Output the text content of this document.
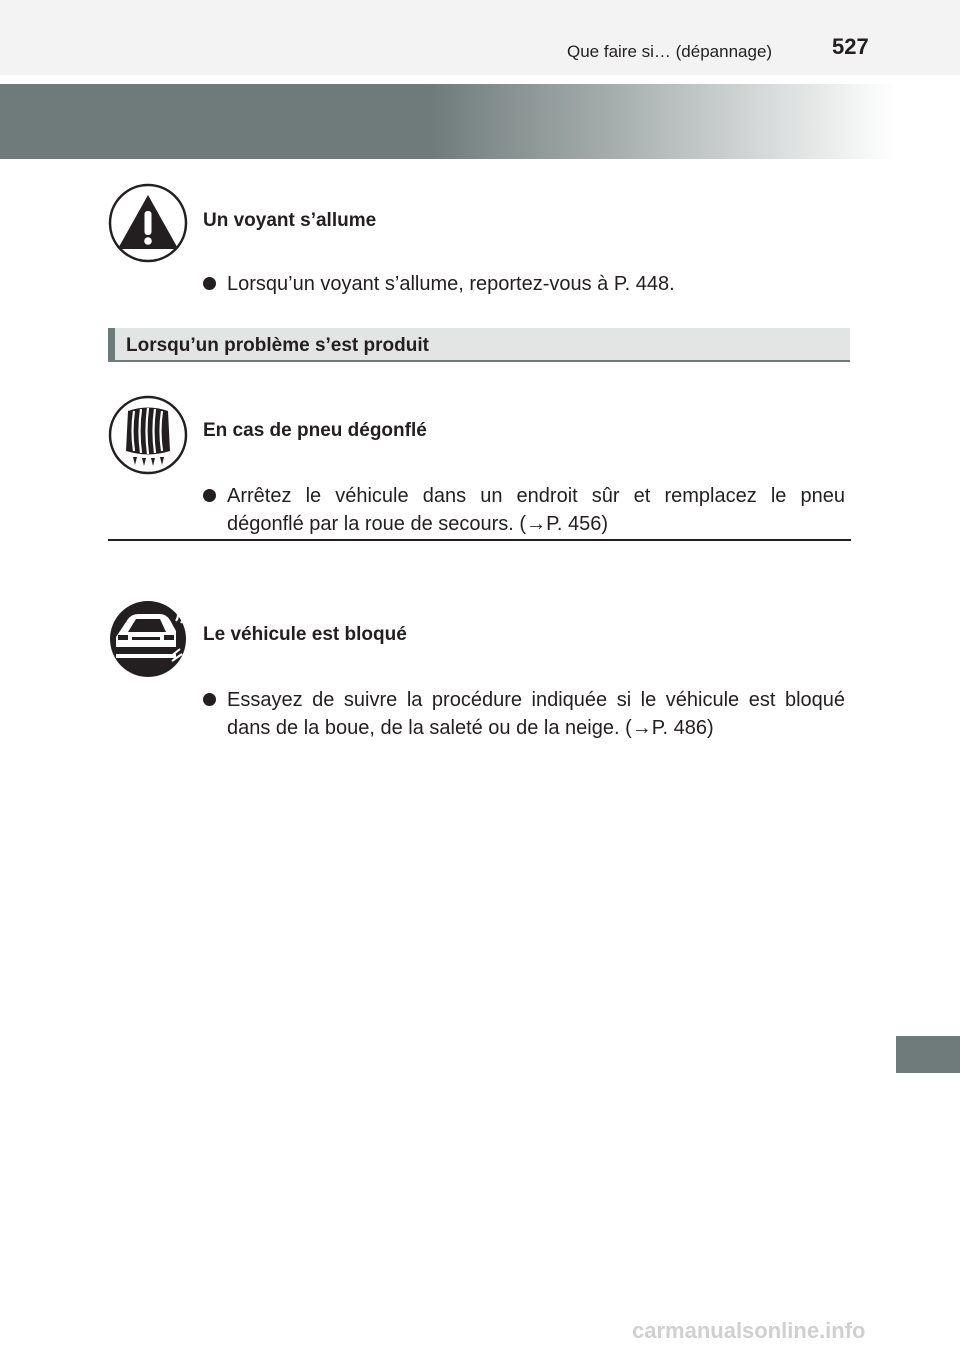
Que faire si… (dépannage)	527
Un voyant s’allume
Lorsqu’un voyant s’allume, reportez-vous à P. 448.
Lorsqu’un problème s’est produit
En cas de pneu dégonflé
Arrêtez le véhicule dans un endroit sûr et remplacez le pneu
dégonflé par la roue de secours. (→P. 456)
Le véhicule est bloqué
Essayez de suivre la procédure indiquée si le véhicule est bloqué
dans de la boue, de la saleté ou de la neige. (→P. 486)
carmanualsonline.info
